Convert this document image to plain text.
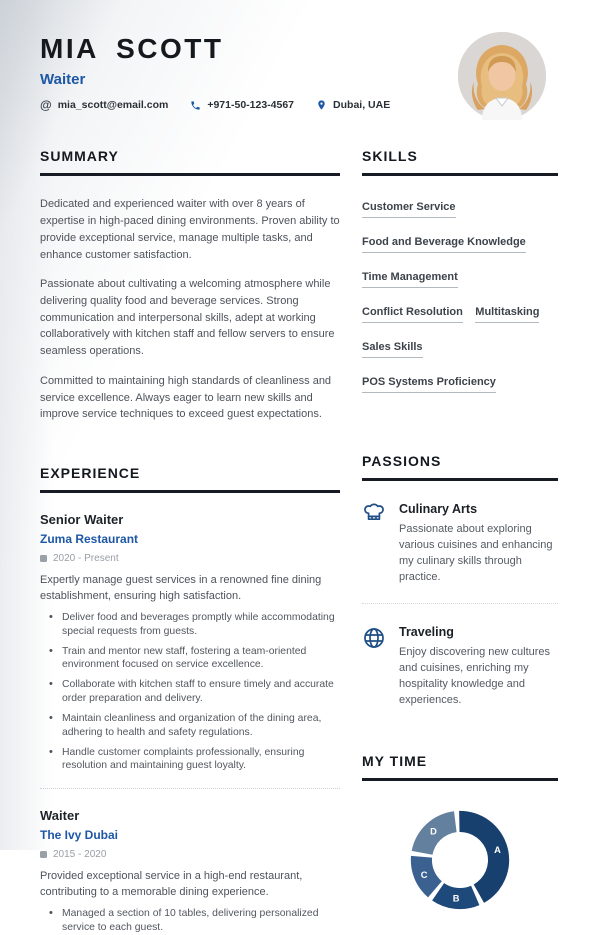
MIA SCOTT
Waiter
@ mia_scott@email.com	+971-50-123-4567	Dubai, UAE
SUMMARY

Dedicated and experienced waiter with over 8 years of expertise in high-paced dining environments. Proven ability to provide exceptional service, manage multiple tasks, and enhance customer satisfaction.

Passionate about cultivating a welcoming atmosphere while delivering quality food and beverage services. Strong communication and interpersonal skills, adept at working collaboratively with kitchen staff and fellow servers to ensure seamless operations.

Committed to maintaining high standards of cleanliness and service excellence. Always eager to learn new skills and improve service techniques to exceed guest expectations.

EXPERIENCE
Senior Waiter
Zuma Restaurant
2020 - Present
Expertly manage guest services in a renowned fine dining establishment, ensuring high satisfaction.
• Deliver food and beverages promptly while accommodating special requests from guests.
• Train and mentor new staff, fostering a team-oriented environment focused on service excellence.
• Collaborate with kitchen staff to ensure timely and accurate order preparation and delivery.
• Maintain cleanliness and organization of the dining area, adhering to health and safety regulations.
• Handle customer complaints professionally, ensuring resolution and maintaining guest loyalty.
Waiter
The Ivy Dubai
2015 - 2020
Provided exceptional service in a high-end restaurant, contributing to a memorable dining experience.
• Managed a section of 10 tables, delivering personalized service to each guest.
SKILLS
Customer Service Food and Beverage Knowledge Time Management Conflict Resolution Multitasking Sales Skills POS Systems Proficiency
PASSIONS
Culinary Arts
Passionate about exploring various cuisines and enhancing my culinary skills through practice.
Traveling
Enjoy discovering new cultures and cuisines, enriching my hospitality knowledge and experiences.
MY TIME
A
B
C
D
